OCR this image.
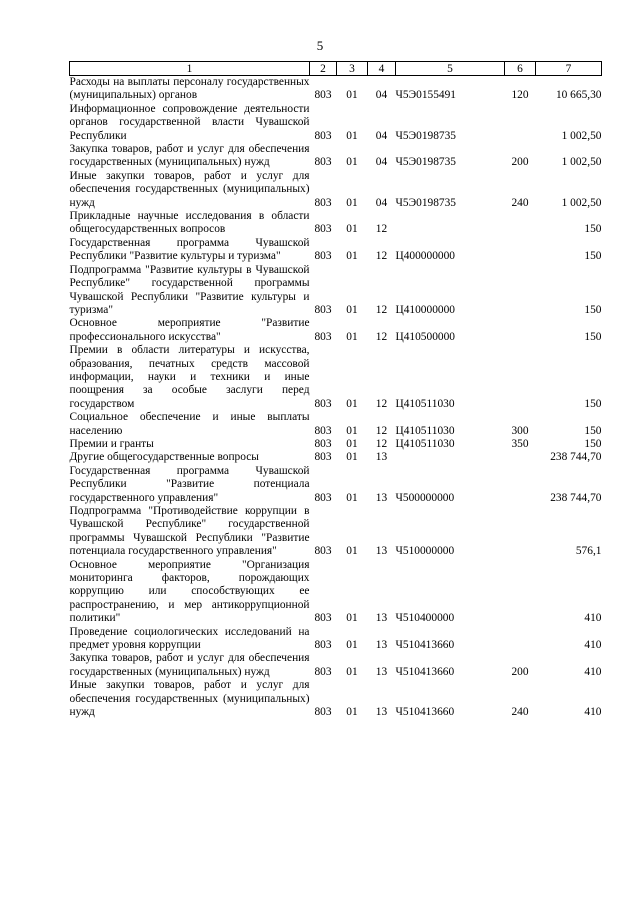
5
1	2	3	4	5	6	7
Расходы на выплаты персоналу государственных (муниципальных) органов	803	01	04	Ч5Э0155491	120	10 665,30
Информационное сопровождение деятельности органов государственной власти Чувашской Республики	803	01	04	Ч5Э0198735		1 002,50
Закупка товаров, работ и услуг для обеспечения государственных (муниципальных) нужд	803	01	04	Ч5Э0198735	200	1 002,50
Иные закупки товаров, работ и услуг для обеспечения государственных (муниципальных) нужд	803	01	04	Ч5Э0198735	240	1 002,50
Прикладные научные исследования в области общегосударственных вопросов	803	01	12			150
Государственная программа Чувашской Республики "Развитие культуры и туризма"	803	01	12	Ц400000000		150
Подпрограмма "Развитие культуры в Чувашской Республике" государственной программы Чувашской Республики "Развитие культуры и туризма"	803	01	12	Ц410000000		150
Основное мероприятие "Развитие профессионального искусства"	803	01	12	Ц410500000		150
Премии в области литературы и искусства, образования, печатных средств массовой информации, науки и техники и иные поощрения за особые заслуги перед государством	803	01	12	Ц410511030		150
Социальное обеспечение и иные выплаты населению	803	01	12	Ц410511030	300	150
Премии и гранты	803	01	12	Ц410511030	350	150
Другие общегосударственные вопросы	803	01	13			238 744,70
Государственная программа Чувашской Республики "Развитие потенциала государственного управления"	803	01	13	Ч500000000		238 744,70
Подпрограмма "Противодействие коррупции в Чувашской Республике" государственной программы Чувашской Республики "Развитие потенциала государственного управления"	803	01	13	Ч510000000		576,1
Основное мероприятие "Организация мониторинга факторов, порождающих коррупцию или способствующих ее распространению, и мер антикоррупционной политики"	803	01	13	Ч510400000		410
Проведение социологических исследований на предмет уровня коррупции	803	01	13	Ч510413660		410
Закупка товаров, работ и услуг для обеспечения государственных (муниципальных) нужд	803	01	13	Ч510413660	200	410
Иные закупки товаров, работ и услуг для обеспечения государственных (муниципальных) нужд	803	01	13	Ч510413660	240	410
